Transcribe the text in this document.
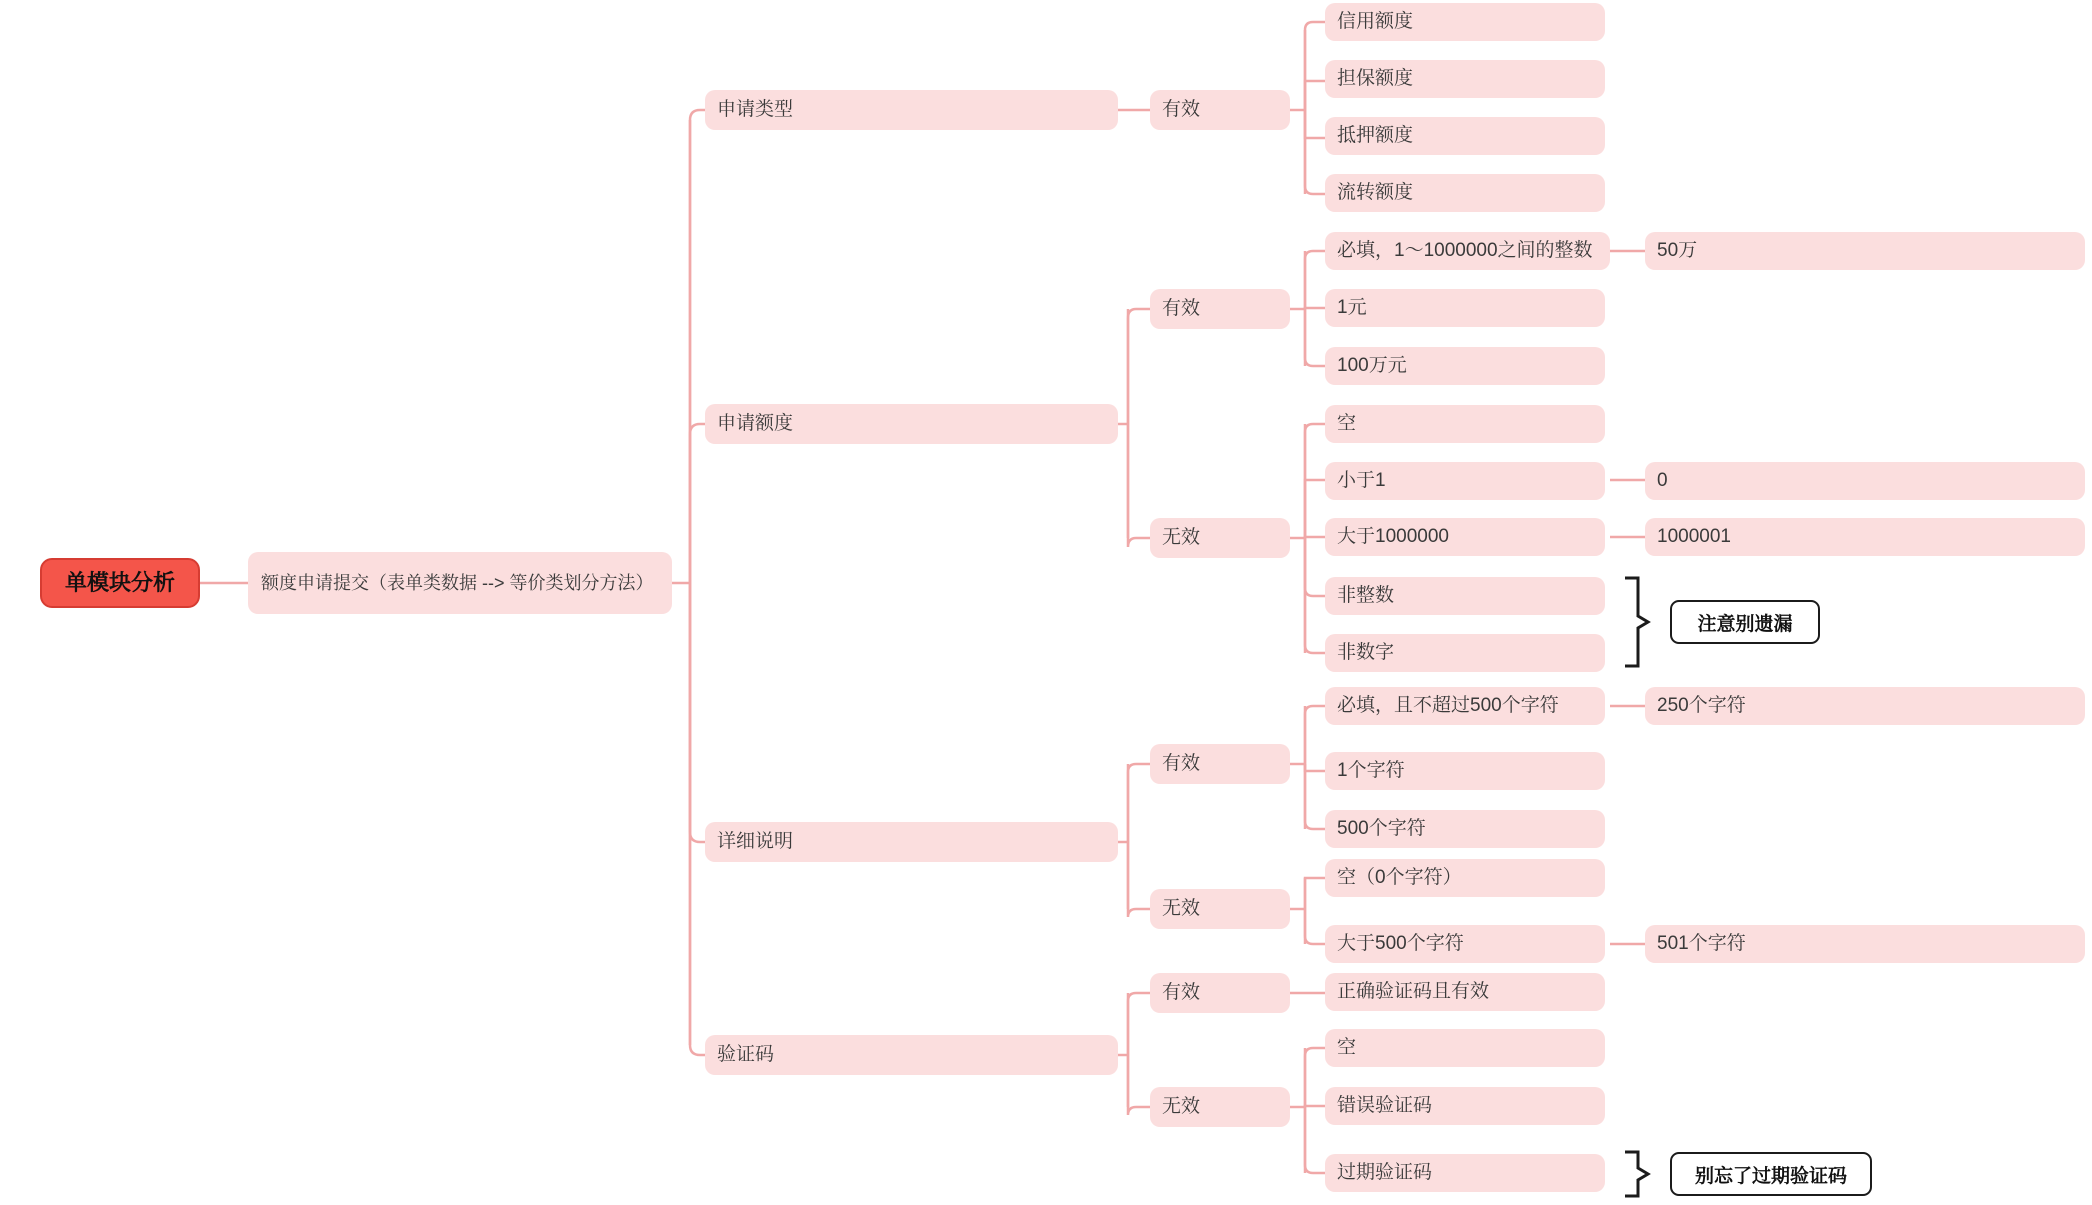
单模块分析	额度申请提交（表单类数据 --> 等价类划分方法）
申请类型	有效
信用额度
担保额度
抵押额度
流转额度
申请额度
有效
必填，1～1000000之间的整数	50万
1元
100万元
无效
空
小于1	0
大于1000000	1000001
非整数
非数字
注意别遗漏
详细说明
有效
必填，且不超过500个字符	250个字符
1个字符
500个字符
无效
空（0个字符）
大于500个字符	501个字符
验证码
有效	正确验证码且有效
无效
空
错误验证码
过期验证码	别忘了过期验证码
